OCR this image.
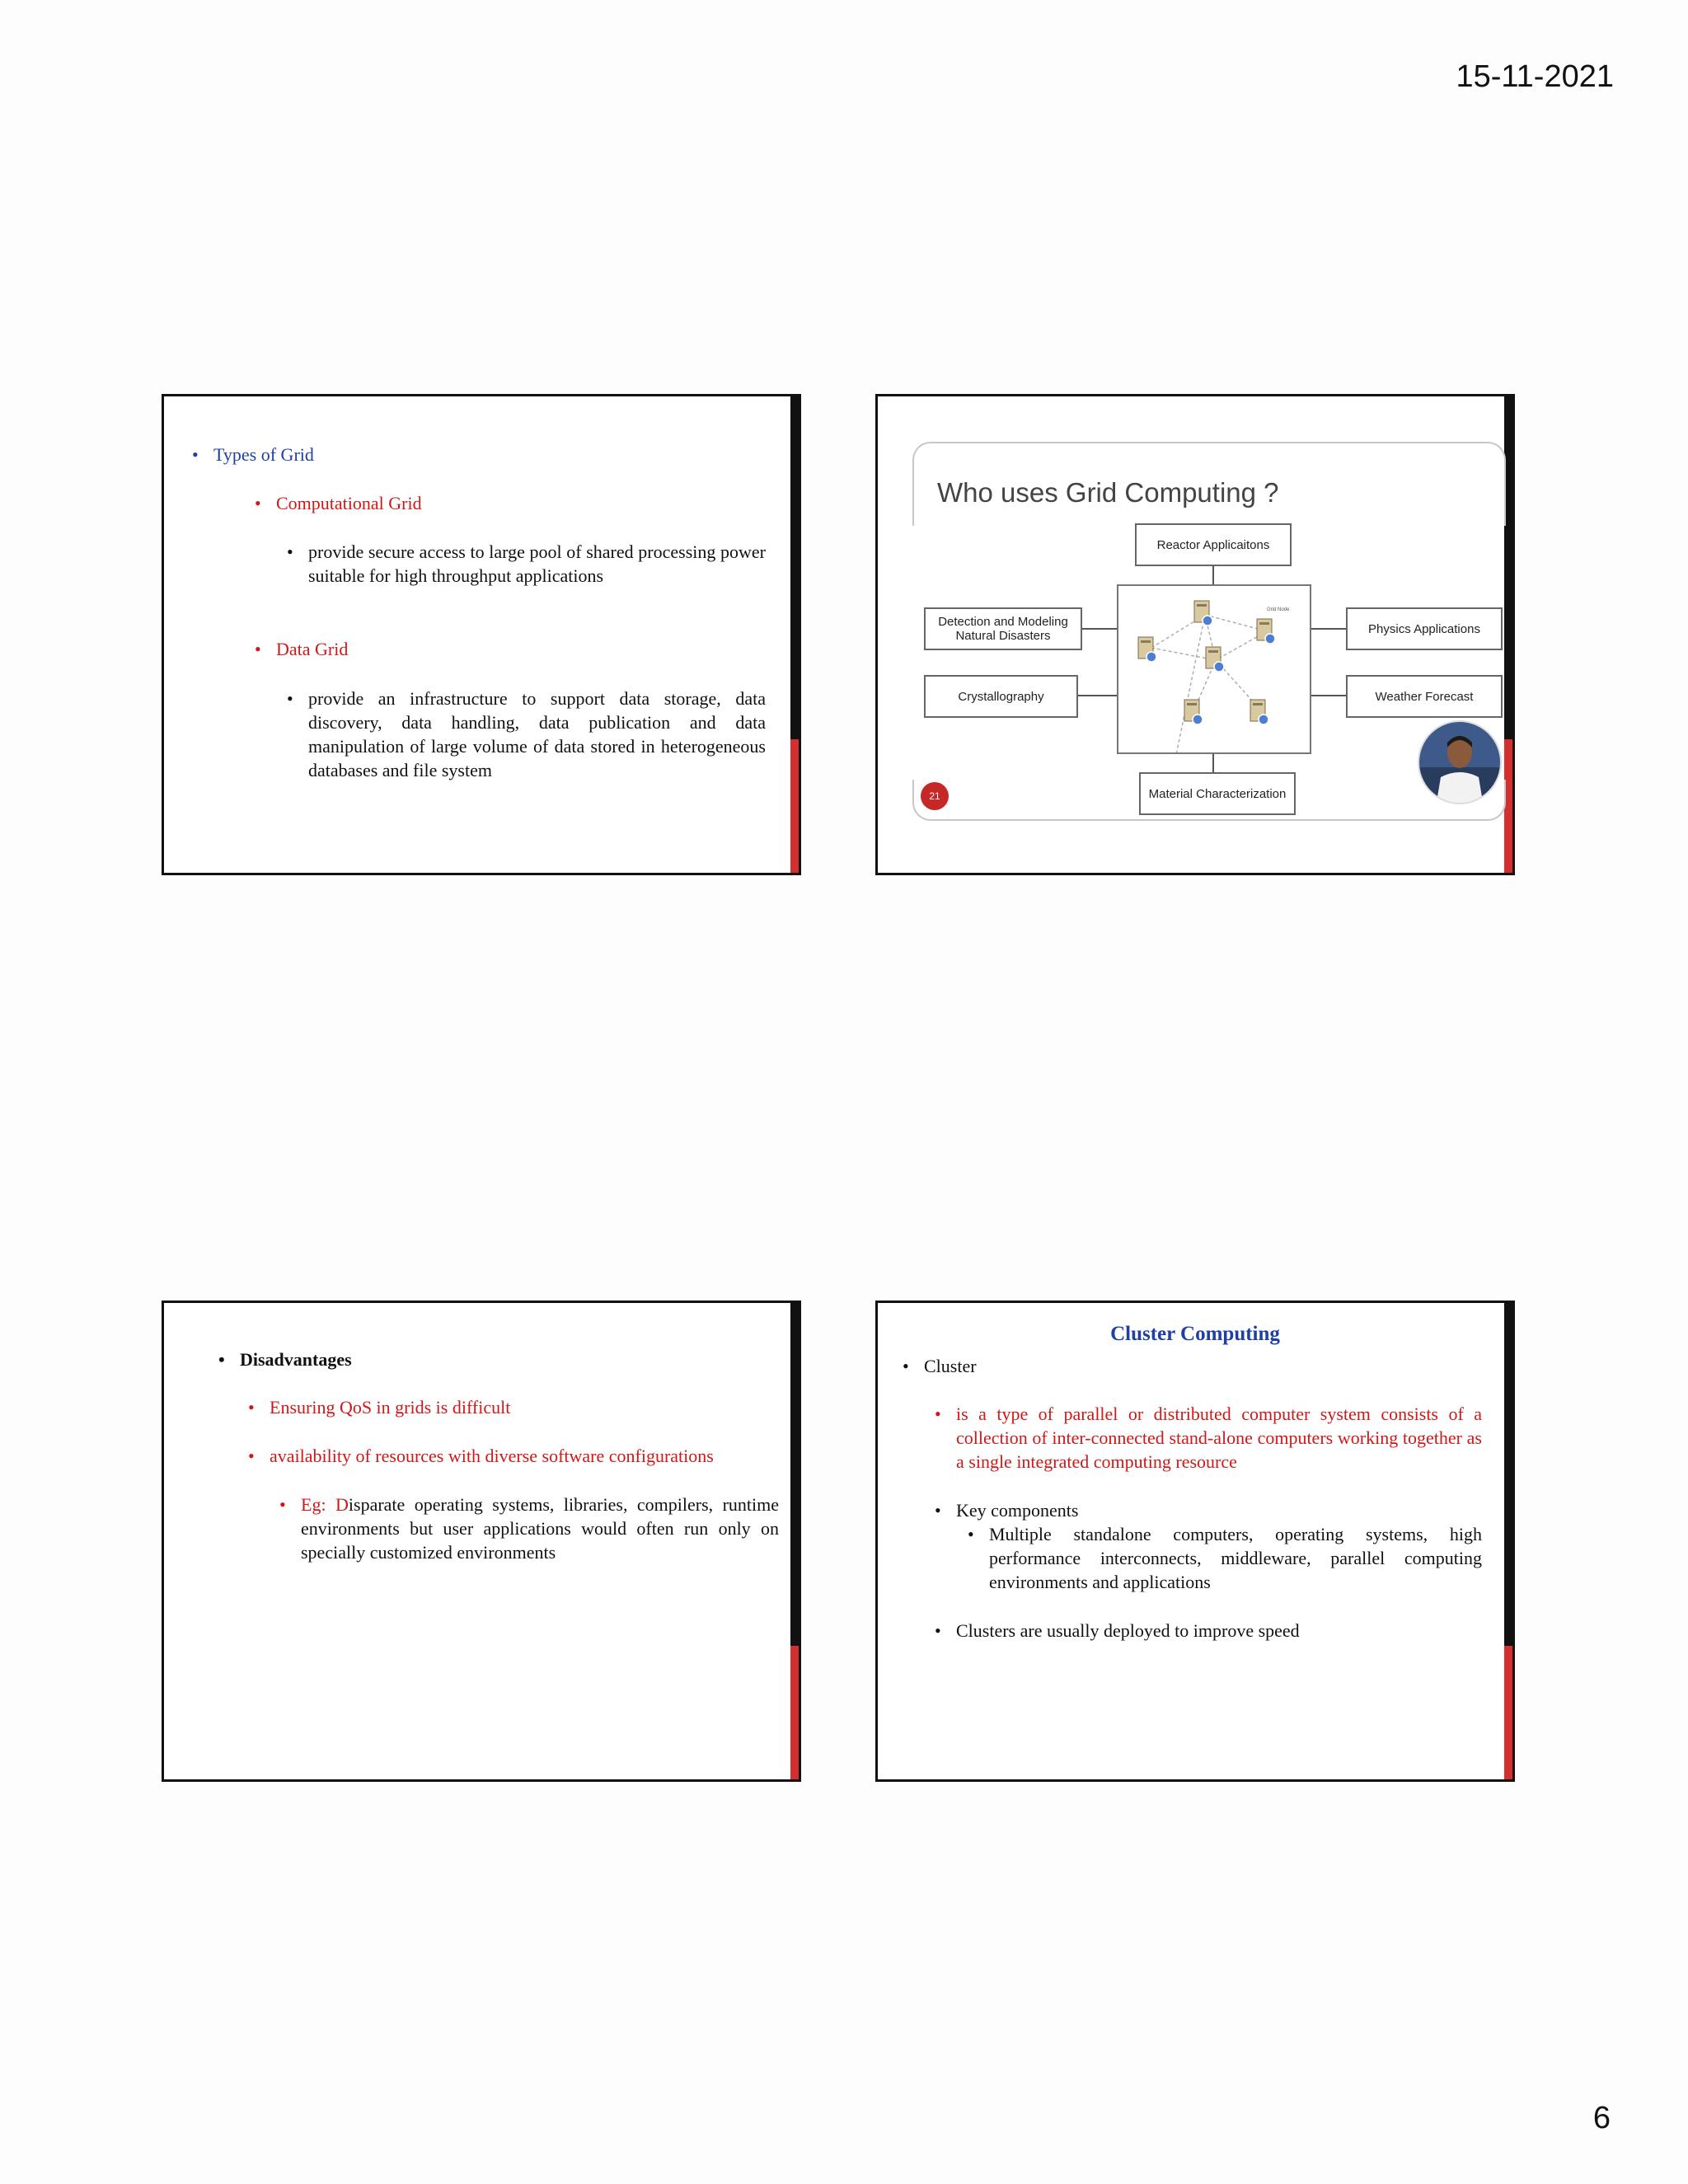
15-11-2021
• Types of Grid
• Computational Grid
• provide secure access to large pool of shared processing power suitable for high throughput applications
• Data Grid
• provide an infrastructure to support data storage, data discovery, data handling, data publication and data manipulation of large volume of data stored in heterogeneous databases and file system
Who uses Grid Computing ?
Reactor Applicaitons
Detection and Modeling Natural Disasters
Crystallography
Physics Applications
Weather Forecast
Material Characterization
Grid Node
21
• Disadvantages
• Ensuring QoS in grids is difficult
• availability of resources with diverse software configurations
• Eg: Disparate operating systems, libraries, compilers, runtime environments but user applications would often run only on specially customized environments
Cluster Computing
• Cluster
• is a type of parallel or distributed computer system consists of a collection of inter-connected stand-alone computers working together as a single integrated computing resource
• Key components
• Multiple standalone computers, operating systems, high performance interconnects, middleware, parallel computing environments and applications
• Clusters are usually deployed to improve speed
6
